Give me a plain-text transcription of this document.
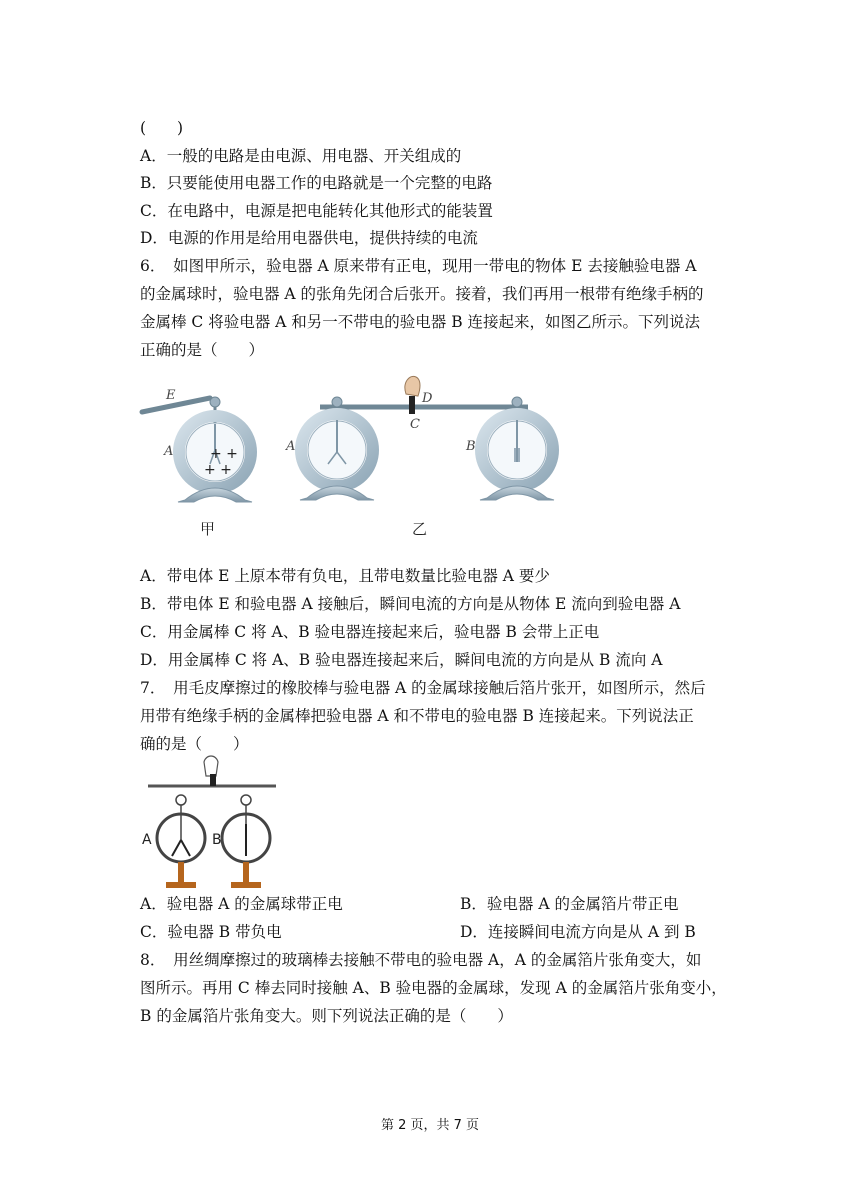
(　　)
A．一般的电路是由电源、用电器、开关组成的
B．只要能使用电器工作的电路就是一个完整的电路
C．在电路中，电源是把电能转化其他形式的能装置
D．电源的作用是给用电器供电，提供持续的电流
6．　如图甲所示，验电器 A 原来带有正电，现用一带电的物体 E 去接触验电器 A
的金属球时，验电器 A 的张角先闭合后张开。接着，我们再用一根带有绝缘手柄的
金属棒 C 将验电器 A 和另一不带电的验电器 B 连接起来，如图乙所示。下列说法
正确的是（　　）
E
A	+ +
+ +
D
C
A	B
甲	乙
A．带电体 E 上原本带有负电，且带电数量比验电器 A 要少
B．带电体 E 和验电器 A 接触后，瞬间电流的方向是从物体 E 流向到验电器 A
C．用金属棒 C 将 A、B 验电器连接起来后，验电器 B 会带上正电
D．用金属棒 C 将 A、B 验电器连接起来后，瞬间电流的方向是从 B 流向 A
7．　用毛皮摩擦过的橡胶棒与验电器 A 的金属球接触后箔片张开，如图所示，然后
用带有绝缘手柄的金属棒把验电器 A 和不带电的验电器 B 连接起来。下列说法正
确的是（　　）
A	B
A．验电器 A 的金属球带正电	B．验电器 A 的金属箔片带正电
C．验电器 B 带负电	D．连接瞬间电流方向是从 A 到 B
8．　用丝绸摩擦过的玻璃棒去接触不带电的验电器 A，A 的金属箔片张角变大，如
图所示。再用 C 棒去同时接触 A、B 验电器的金属球，发现 A 的金属箔片张角变小，
B 的金属箔片张角变大。则下列说法正确的是（　　）
第 2 页，共 7 页
